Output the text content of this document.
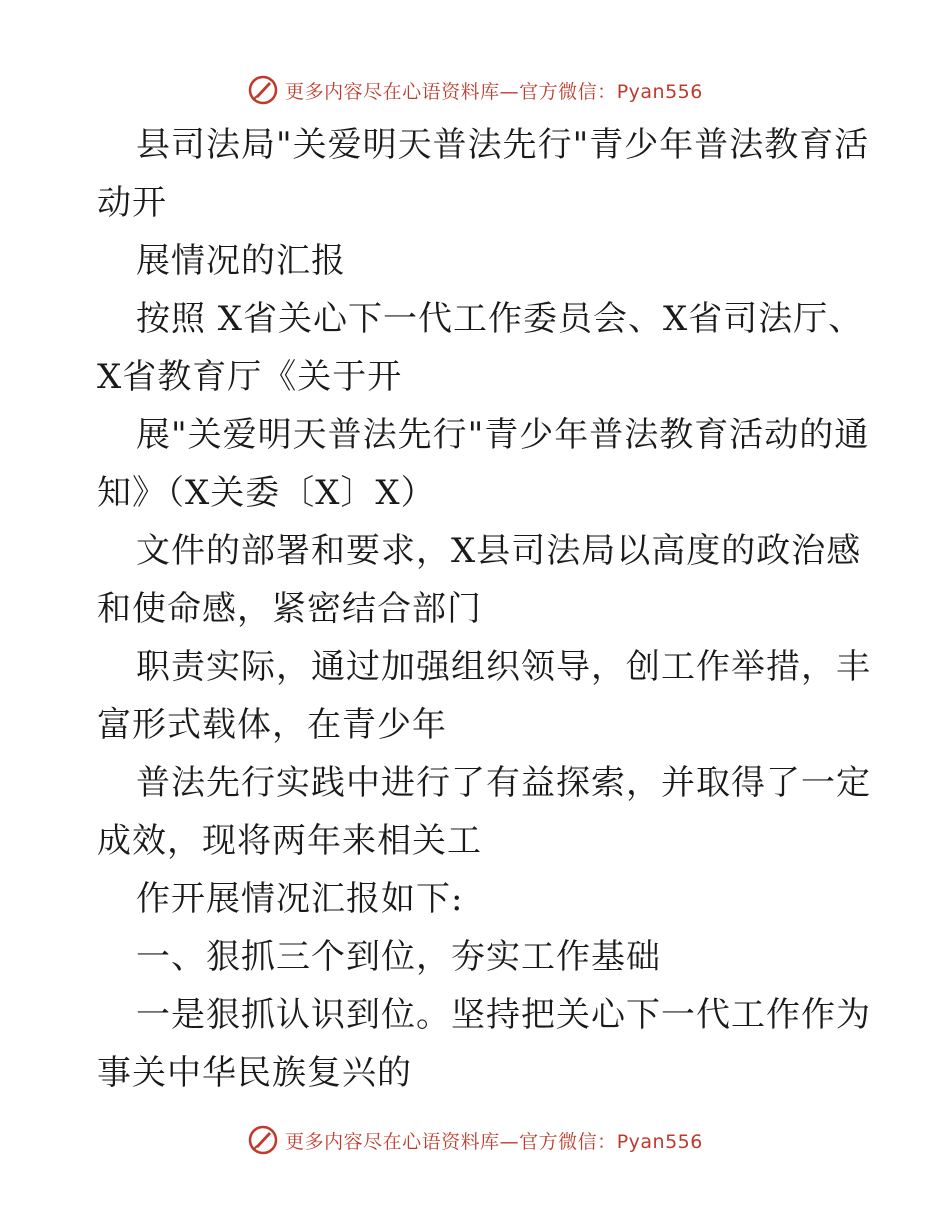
更多内容尽在心语资料库—官方微信：Pyan556

县司法局"关爱明天普法先行"青少年普法教育活
动开

展情况的汇报

按照 X省关心下一代工作委员会、X省司法厅、
X省教育厅《关于开

展"关爱明天普法先行"青少年普法教育活动的通
知》（X关委〔X〕X）

文件的部署和要求，X县司法局以高度的政治感
和使命感，紧密结合部门

职责实际，通过加强组织领导，创工作举措，丰
富形式载体，在青少年

普法先行实践中进行了有益探索，并取得了一定
成效，现将两年来相关工

作开展情况汇报如下:

一、狠抓三个到位，夯实工作基础

一是狠抓认识到位。坚持把关心下一代工作作为
事关中华民族复兴的

更多内容尽在心语资料库—官方微信：Pyan556
